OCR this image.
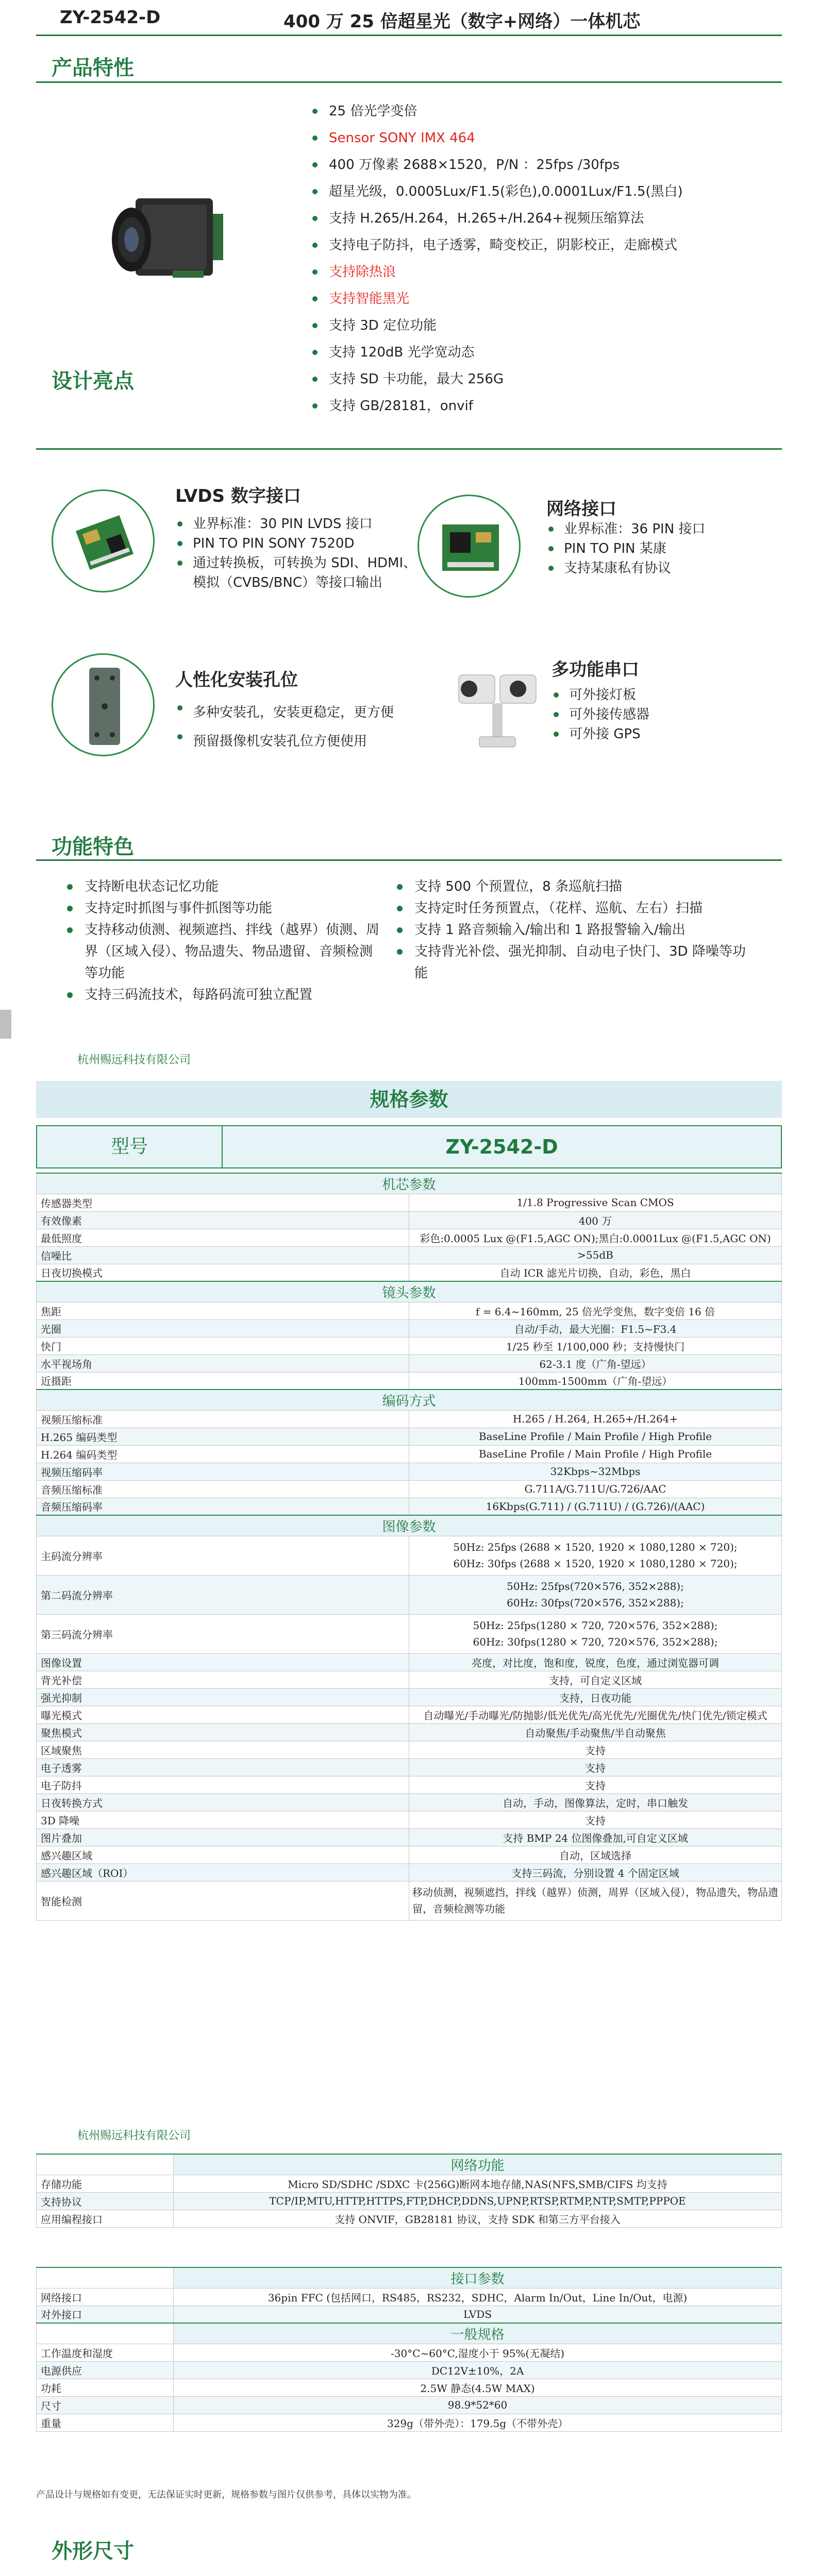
ZY-2542-D	400 万 25 倍超星光（数字+网络）一体机芯
产品特性
设计亮点
25 倍光学变倍
Sensor SONY IMX 464
400 万像素 2688×1520，P/N ：25fps /30fps
超星光级，0.0005Lux/F1.5(彩色),0.0001Lux/F1.5(黑白)
支持 H.265/H.264，H.265+/H.264+视频压缩算法
支持电子防抖，电子透雾，畸变校正，阴影校正，走廊模式
支持除热浪
支持智能黑光
支持 3D 定位功能
支持 120dB 光学宽动态
支持 SD 卡功能，最大 256G
支持 GB/28181，onvif
LVDS 数字接口
业界标准：30 PIN LVDS 接口
PIN TO PIN SONY 7520D
通过转换板，可转换为 SDI、HDMI、模拟（CVBS/BNC）等接口输出
网络接口
业界标准：36 PIN 接口
PIN TO PIN 某康
支持某康私有协议
人性化安装孔位
多种安装孔，安装更稳定，更方便
预留摄像机安装孔位方便使用
多功能串口
可外接灯板
可外接传感器
可外接 GPS
功能特色
支持断电状态记忆功能
支持定时抓图与事件抓图等功能
支持移动侦测、视频遮挡、拌线（越界）侦测、周界（区域入侵）、物品遗失、物品遗留、音频检测等功能
支持三码流技术，每路码流可独立配置
支持 500 个预置位，8 条巡航扫描
支持定时任务预置点，（花样、巡航、左右）扫描
支持 1 路音频输入/输出和 1 路报警输入/输出
支持背光补偿、强光抑制、自动电子快门、3D 降噪等功能
杭州赐远科技有限公司
规格参数
型号	ZY-2542-D
机芯参数	
传感器类型	1/1.8 Progressive Scan CMOS
有效像素	400 万
最低照度	彩色:0.0005 Lux @(F1.5,AGC ON);黑白:0.0001Lux @(F1.5,AGC ON)
信噪比	>55dB
日夜切换模式	自动 ICR 滤光片切换，自动，彩色，黑白
镜头参数	
焦距	f = 6.4~160mm, 25 倍光学变焦，数字变倍 16 倍
光圈	自动/手动，最大光圈：F1.5~F3.4
快门	1/25 秒至 1/100,000 秒；支持慢快门
水平视场角	62-3.1 度（广角-望远）
近摄距	100mm-1500mm（广角-望远）
编码方式	
视频压缩标准	H.265 / H.264, H.265+/H.264+
H.265 编码类型	BaseLine Profile / Main Profile / High Profile
H.264 编码类型	BaseLine Profile / Main Profile / High Profile
视频压缩码率	32Kbps~32Mbps
音频压缩标准	G.711A/G.711U/G.726/AAC
音频压缩码率	16Kbps(G.711) / (G.711U) / (G.726)/(AAC)
图像参数	
主码流分辨率	50Hz: 25fps (2688 × 1520, 1920 × 1080,1280 × 720);
60Hz: 30fps (2688 × 1520, 1920 × 1080,1280 × 720);

第二码流分辨率	50Hz: 25fps(720×576, 352×288);
60Hz: 30fps(720×576, 352×288);

第三码流分辨率	50Hz: 25fps(1280 × 720, 720×576, 352×288);
60Hz: 30fps(1280 × 720, 720×576, 352×288);

图像设置	亮度，对比度，饱和度，锐度，色度，通过浏览器可调
背光补偿	支持，可自定义区域
强光抑制	支持，日夜功能
曝光模式	自动曝光/手动曝光/防抛影/低光优先/高光优先/光圈优先/快门优先/锁定模式
聚焦模式	自动聚焦/手动聚焦/半自动聚焦
区域聚焦	支持
电子透雾	支持
电子防抖	支持
日夜转换方式	自动，手动，图像算法，定时，串口触发
3D 降噪	支持
图片叠加	支持 BMP 24 位图像叠加,可自定义区域
感兴趣区域	自动，区域选择
感兴趣区域（ROI）	支持三码流，分别设置 4 个固定区域
智能检测	移动侦测，视频遮挡，拌线（越界）侦测，周界（区域入侵），物品遗失，物品遗留，音频检测等功能
杭州赐远科技有限公司
	网络功能
存储功能	Micro SD/SDHC /SDXC 卡(256G)断网本地存储,NAS(NFS,SMB/CIFS 均支持
支持协议	TCP/IP,MTU,HTTP,HTTPS,FTP,DHCP,DDNS,UPNP,RTSP,RTMP,NTP,SMTP,PPPOE
应用编程接口	支持 ONVIF，GB28181 协议，支持 SDK 和第三方平台接入
	接口参数
网络接口	36pin FFC (包括网口，RS485，RS232，SDHC，Alarm In/Out，Line In/Out，电源)
对外接口	LVDS
	一般规格
工作温度和湿度	-30°C~60°C,湿度小于 95%(无凝结)
电源供应	DC12V±10%，2A
功耗	2.5W 静态(4.5W MAX)
尺寸	98.9*52*60
重量	329g（带外壳）：179.5g（不带外壳）
产品设计与规格如有变更，无法保证实时更新，规格参数与图片仅供参考，具体以实物为准。
外形尺寸
